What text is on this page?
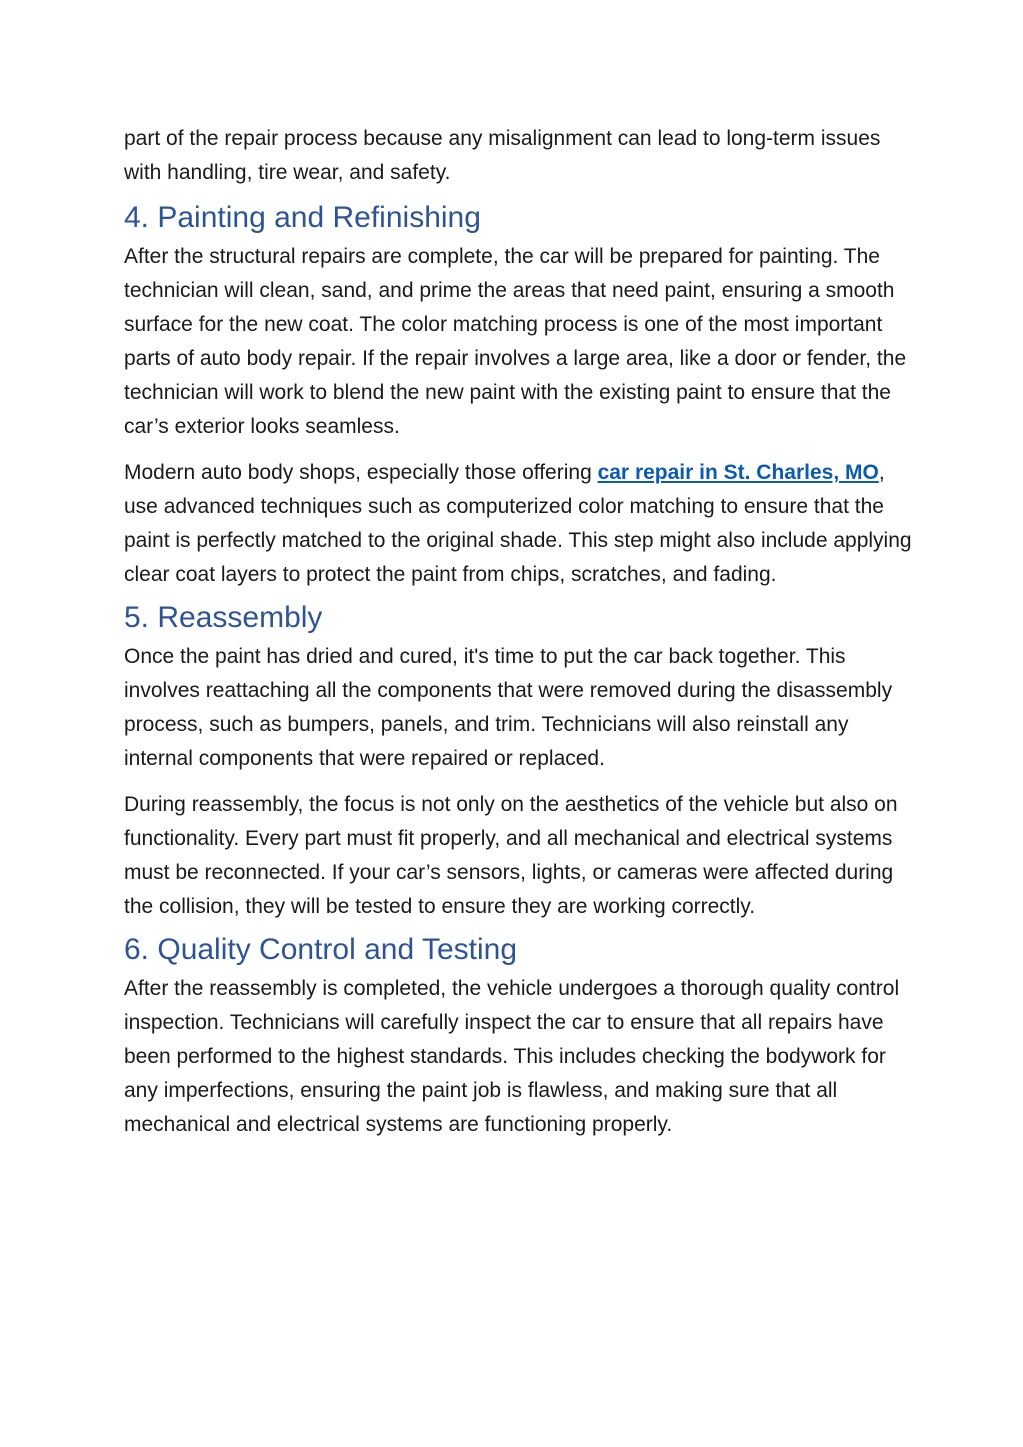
part of the repair process because any misalignment can lead to long-term issues with handling, tire wear, and safety.

4. Painting and Refinishing

After the structural repairs are complete, the car will be prepared for painting. The technician will clean, sand, and prime the areas that need paint, ensuring a smooth surface for the new coat. The color matching process is one of the most important parts of auto body repair. If the repair involves a large area, like a door or fender, the technician will work to blend the new paint with the existing paint to ensure that the car’s exterior looks seamless.

Modern auto body shops, especially those offering car repair in St. Charles, MO, use advanced techniques such as computerized color matching to ensure that the paint is perfectly matched to the original shade. This step might also include applying clear coat layers to protect the paint from chips, scratches, and fading.

5. Reassembly

Once the paint has dried and cured, it's time to put the car back together. This involves reattaching all the components that were removed during the disassembly process, such as bumpers, panels, and trim. Technicians will also reinstall any internal components that were repaired or replaced.

During reassembly, the focus is not only on the aesthetics of the vehicle but also on functionality. Every part must fit properly, and all mechanical and electrical systems must be reconnected. If your car’s sensors, lights, or cameras were affected during the collision, they will be tested to ensure they are working correctly.

6. Quality Control and Testing

After the reassembly is completed, the vehicle undergoes a thorough quality control inspection. Technicians will carefully inspect the car to ensure that all repairs have been performed to the highest standards. This includes checking the bodywork for any imperfections, ensuring the paint job is flawless, and making sure that all mechanical and electrical systems are functioning properly.
